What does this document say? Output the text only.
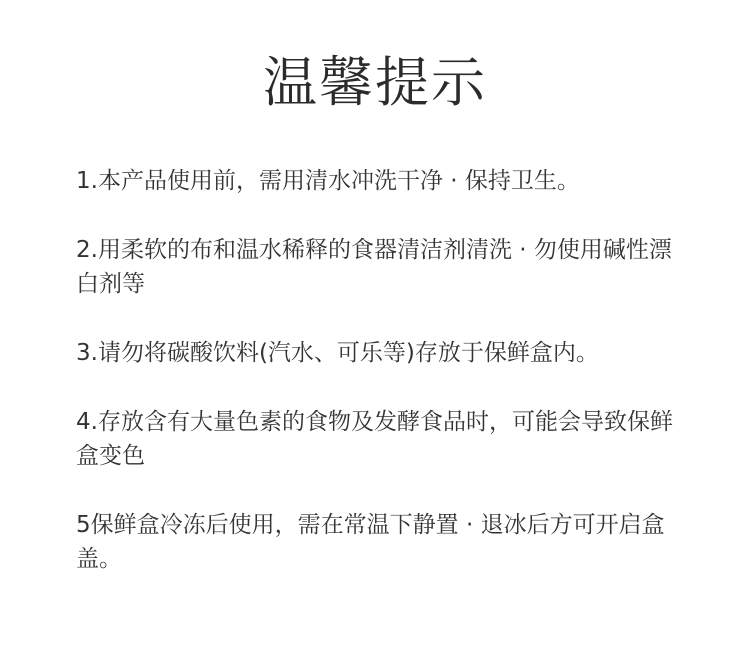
温馨提示
1.本产品使用前，需用清水冲洗干净 · 保持卫生。
2.用柔软的布和温水稀释的食器清洁剂清洗 · 勿使用碱性漂白剂等
3.请勿将碳酸饮料(汽水、可乐等)存放于保鲜盒内。
4.存放含有大量色素的食物及发酵食品时，可能会导致保鲜盒变色
5保鲜盒冷冻后使用，需在常温下静置 · 退冰后方可开启盒盖。
